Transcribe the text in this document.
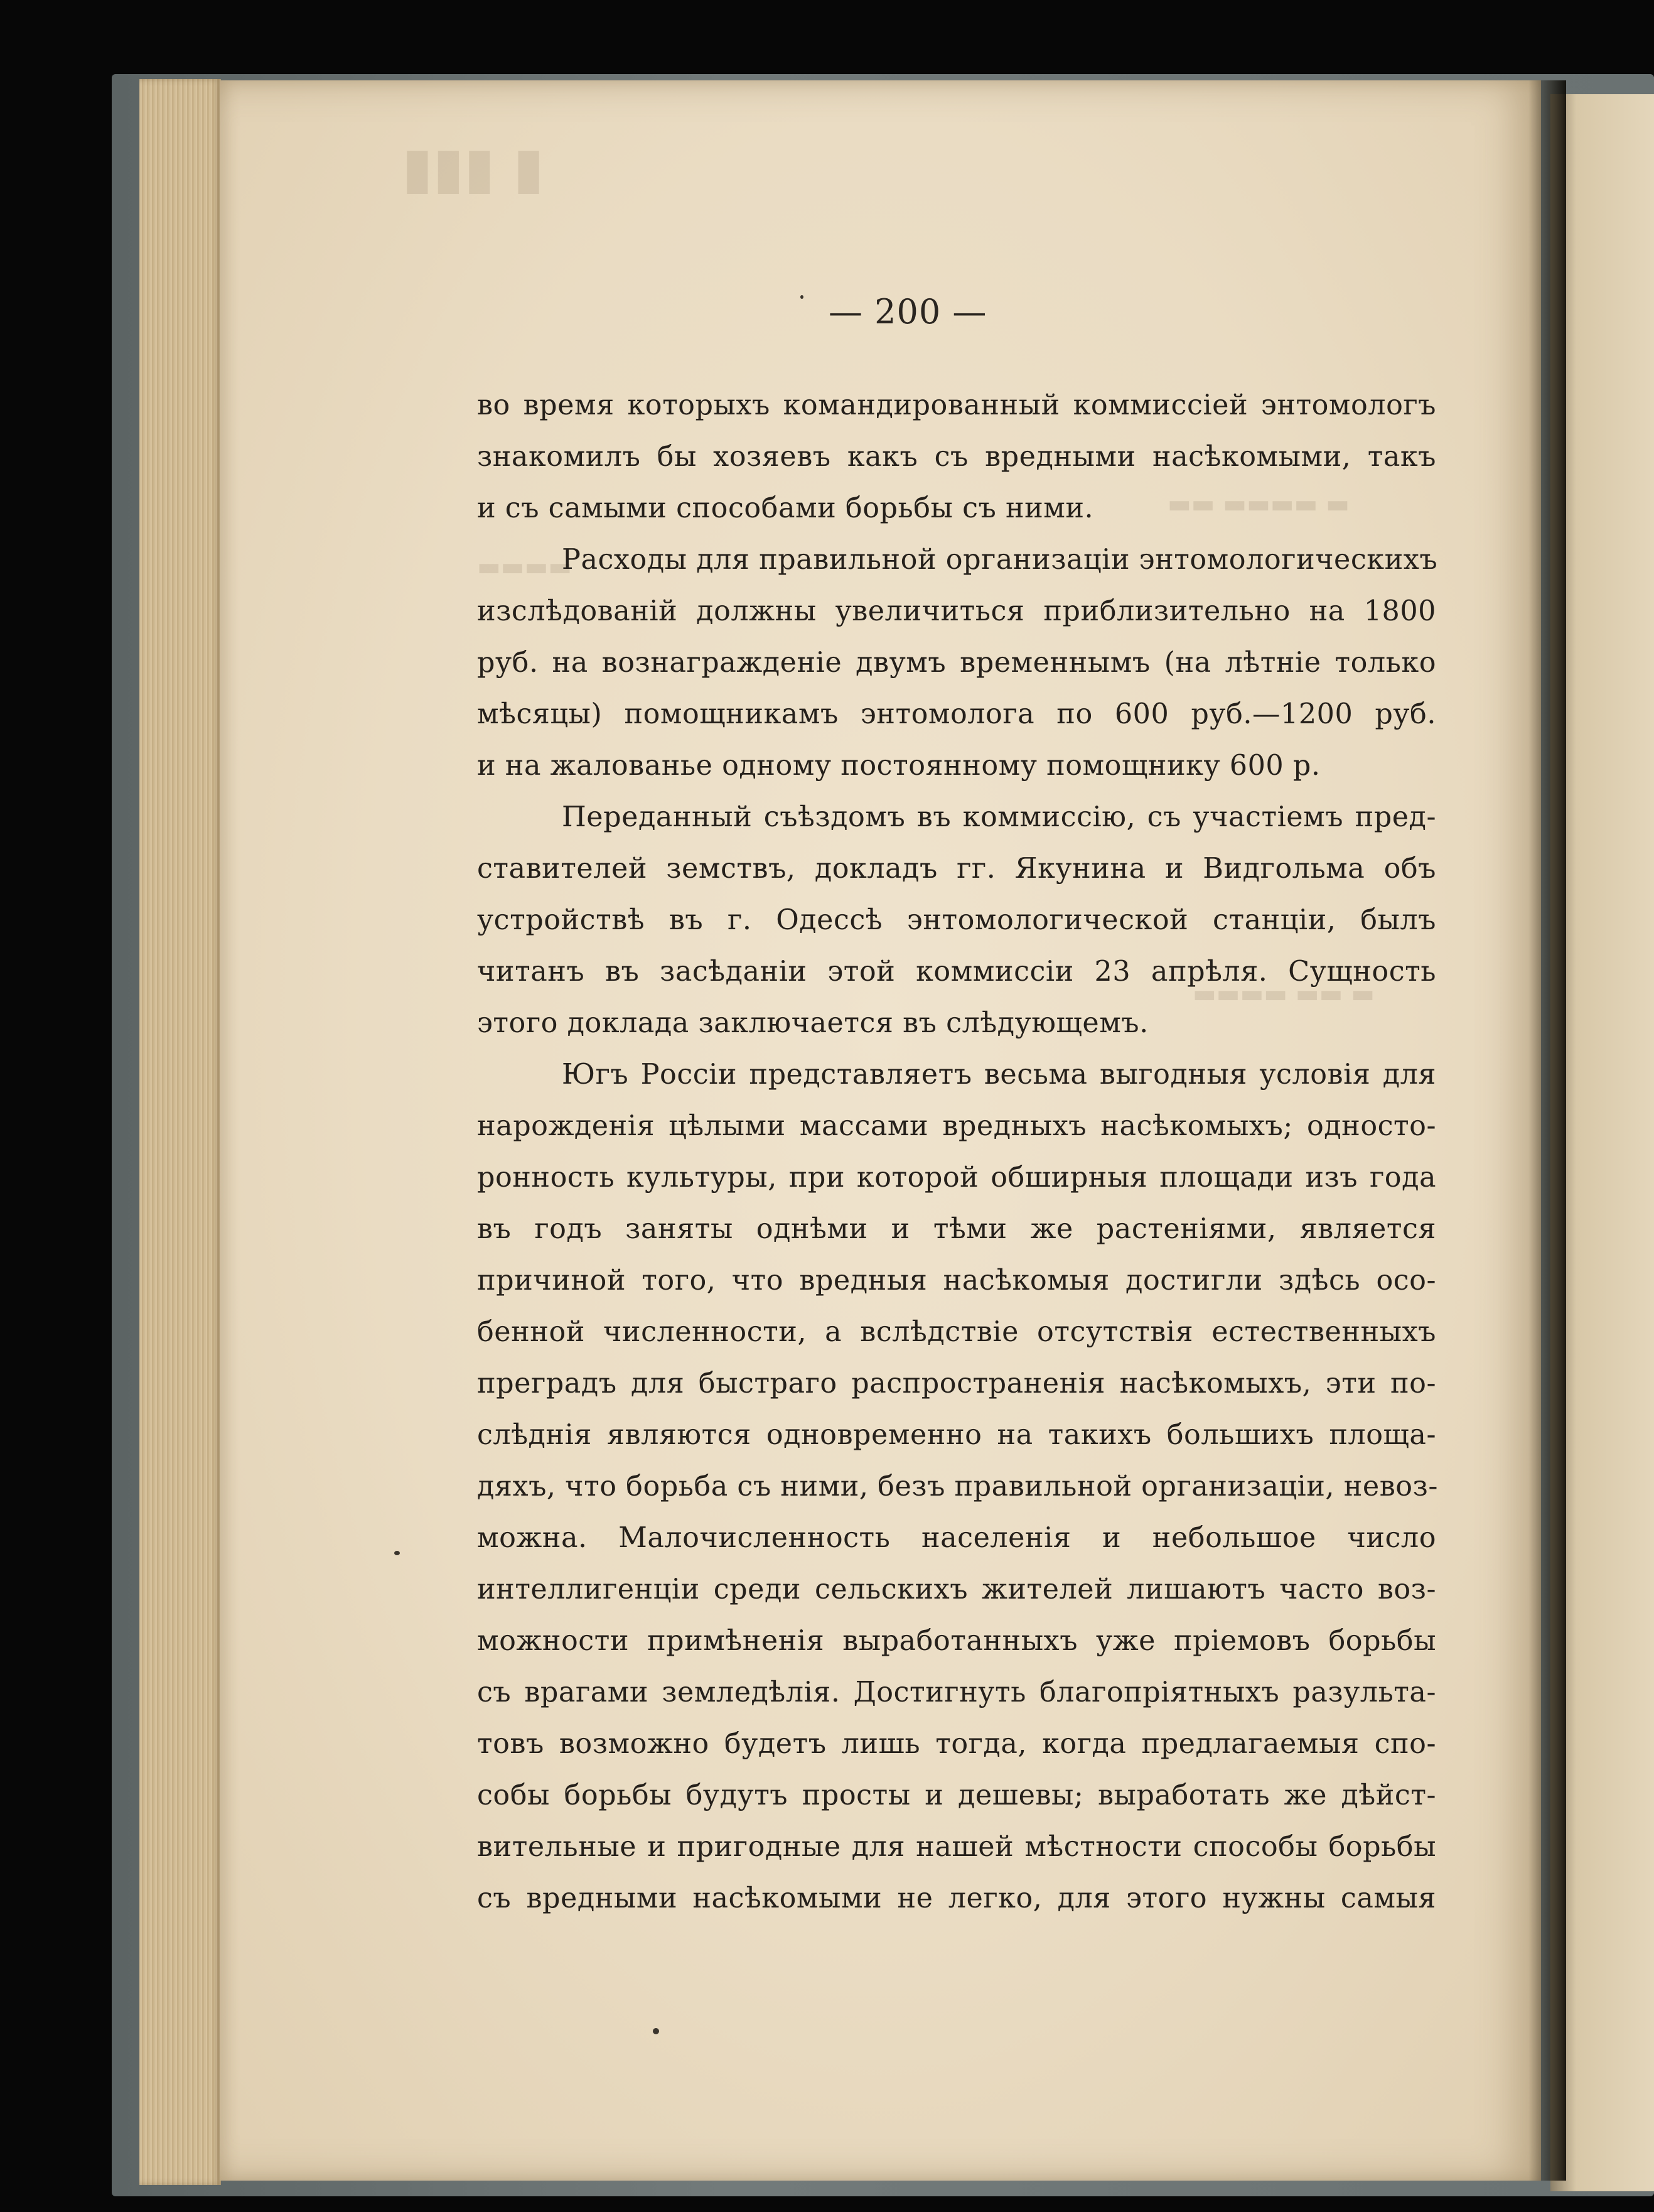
▮▮▮ ▮
▬▬ ▬▬▬▬ ▬
▬▬▬▬
▬▬▬▬ ▬▬ ▬
— 200 —
во время которыхъ командированный коммиссіей энтомологъ
знакомилъ бы хозяевъ какъ съ вредными насѣкомыми, такъ
и съ самыми способами борьбы съ ними.
Расходы для правильной организаціи энтомологическихъ
изслѣдованій должны увеличиться приблизительно на 1800
руб. на вознагражденіе двумъ временнымъ (на лѣтніе только
мѣсяцы) помощникамъ энтомолога по 600 руб.—1200 руб.
и на жалованье одному постоянному помощнику 600 р.
Переданный съѣздомъ въ коммиссію, съ участіемъ пред-
ставителей земствъ, докладъ гг. Якунина и Видгольма объ
устройствѣ въ г. Одессѣ энтомологической станціи, былъ
читанъ въ засѣданіи этой коммиссіи 23 апрѣля. Сущность
этого доклада заключается въ слѣдующемъ.
Югъ Россіи представляетъ весьма выгодныя условія для
нарожденія цѣлыми массами вредныхъ насѣкомыхъ; односто-
ронность культуры, при которой обширныя площади изъ года
въ годъ заняты однѣми и тѣми же растеніями, является
причиной того, что вредныя насѣкомыя достигли здѣсь осо-
бенной численности, а вслѣдствіе отсутствія естественныхъ
преградъ для быстраго распространенія насѣкомыхъ, эти по-
слѣднія являются одновременно на такихъ большихъ площа-
дяхъ, что борьба съ ними, безъ правильной организаціи, невоз-
можна. Малочисленность населенія и небольшое число
интеллигенціи среди сельскихъ жителей лишаютъ часто воз-
можности примѣненія выработанныхъ уже пріемовъ борьбы
съ врагами земледѣлія. Достигнуть благопріятныхъ разульта-
товъ возможно будетъ лишь тогда, когда предлагаемыя спо-
собы борьбы будутъ просты и дешевы; выработать же дѣйст-
вительные и пригодные для нашей мѣстности способы борьбы
съ вредными насѣкомыми не легко, для этого нужны самыя
